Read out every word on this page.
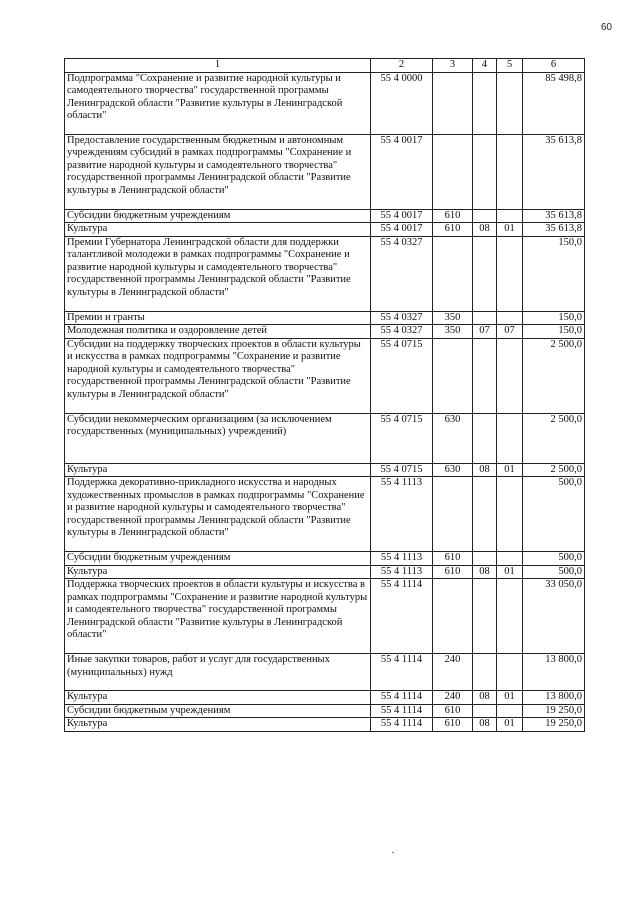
60
1	2	3	4	5	6
Подпрограмма "Сохранение и развитие народной культуры и самодеятельного творчества" государственной программы Ленинградской области "Развитие культуры в Ленинградской области"	55 4 0000				85 498,8
Предоставление государственным бюджетным и автономным учреждениям субсидий в рамках подпрограммы "Сохранение и развитие народной культуры и самодеятельного творчества" государственной программы Ленинградской области "Развитие культуры в Ленинградской области"	55 4 0017				35 613,8
Субсидии бюджетным учреждениям	55 4 0017	610			35 613,8
Культура	55 4 0017	610	08	01	35 613,8
Премии Губернатора Ленинградской области для поддержки талантливой молодежи в рамках подпрограммы "Сохранение и развитие народной культуры и самодеятельного творчества" государственной программы Ленинградской области "Развитие культуры в Ленинградской области"	55 4 0327				150,0
Премии и гранты	55 4 0327	350			150,0
Молодежная политика и оздоровление детей	55 4 0327	350	07	07	150,0
Субсидии на поддержку творческих проектов в области культуры и искусства в рамках подпрограммы "Сохранение и развитие народной культуры и самодеятельного творчества" государственной программы Ленинградской области "Развитие культуры в Ленинградской области"	55 4 0715				2 500,0
Субсидии некоммерческим организациям (за исключением государственных (муниципальных) учреждений)	55 4 0715	630			2 500,0
Культура	55 4 0715	630	08	01	2 500,0
Поддержка декоративно-прикладного искусства и народных художественных промыслов в рамках подпрограммы "Сохранение и развитие народной культуры и самодеятельного творчества" государственной программы Ленинградской области "Развитие культуры в Ленинградской области"	55 4 1113				500,0
Субсидии бюджетным учреждениям	55 4 1113	610			500,0
Культура	55 4 1113	610	08	01	500,0
Поддержка творческих проектов в области культуры и искусства в рамках подпрограммы "Сохранение и развитие народной культуры и самодеятельного творчества" государственной программы Ленинградской области "Развитие культуры в Ленинградской области"	55 4 1114				33 050,0
Иные закупки товаров, работ и услуг для государственных (муниципальных) нужд	55 4 1114	240			13 800,0
Культура	55 4 1114	240	08	01	13 800,0
Субсидии бюджетным учреждениям	55 4 1114	610			19 250,0
Культура	55 4 1114	610	08	01	19 250,0
